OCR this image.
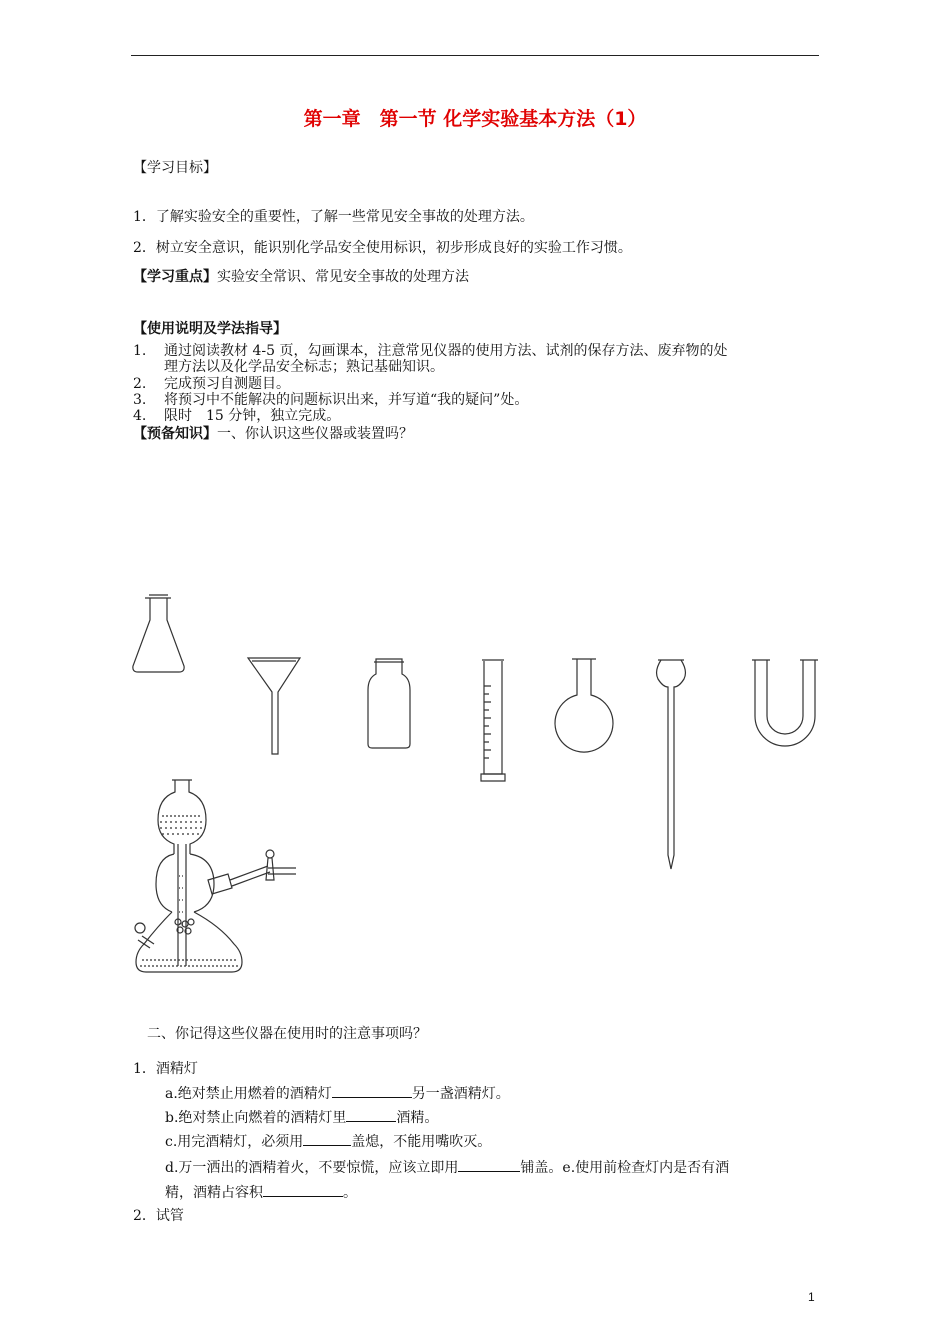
第一章　第一节 化学实验基本方法（1）
【学习目标】
1．了解实验安全的重要性，了解一些常见安全事故的处理方法。
2．树立安全意识，能识别化学品安全使用标识，初步形成良好的实验工作习惯。
【学习重点】实验安全常识、常见安全事故的处理方法
【使用说明及学法指导】
1. 通过阅读教材 4-5 页，勾画课本，注意常见仪器的使用方法、试剂的保存方法、废弃物的处
理方法以及化学品安全标志；熟记基础知识。
2. 完成预习自测题目。
3. 将预习中不能解决的问题标识出来，并写道“我的疑问”处。
4. 限时　15 分钟，独立完成。
【预备知识】一、你认识这些仪器或装置吗？
二、你记得这些仪器在使用时的注意事项吗？
1．酒精灯
a.绝对禁止用燃着的酒精灯	另一盏酒精灯。
b.绝对禁止向燃着的酒精灯里	酒精。
c.用完酒精灯，必须用	盖熄，不能用嘴吹灭。
d.万一洒出的酒精着火，不要惊慌，应该立即用	铺盖。e.使用前检查灯内是否有酒
精，酒精占容积	。
2．试管
1
